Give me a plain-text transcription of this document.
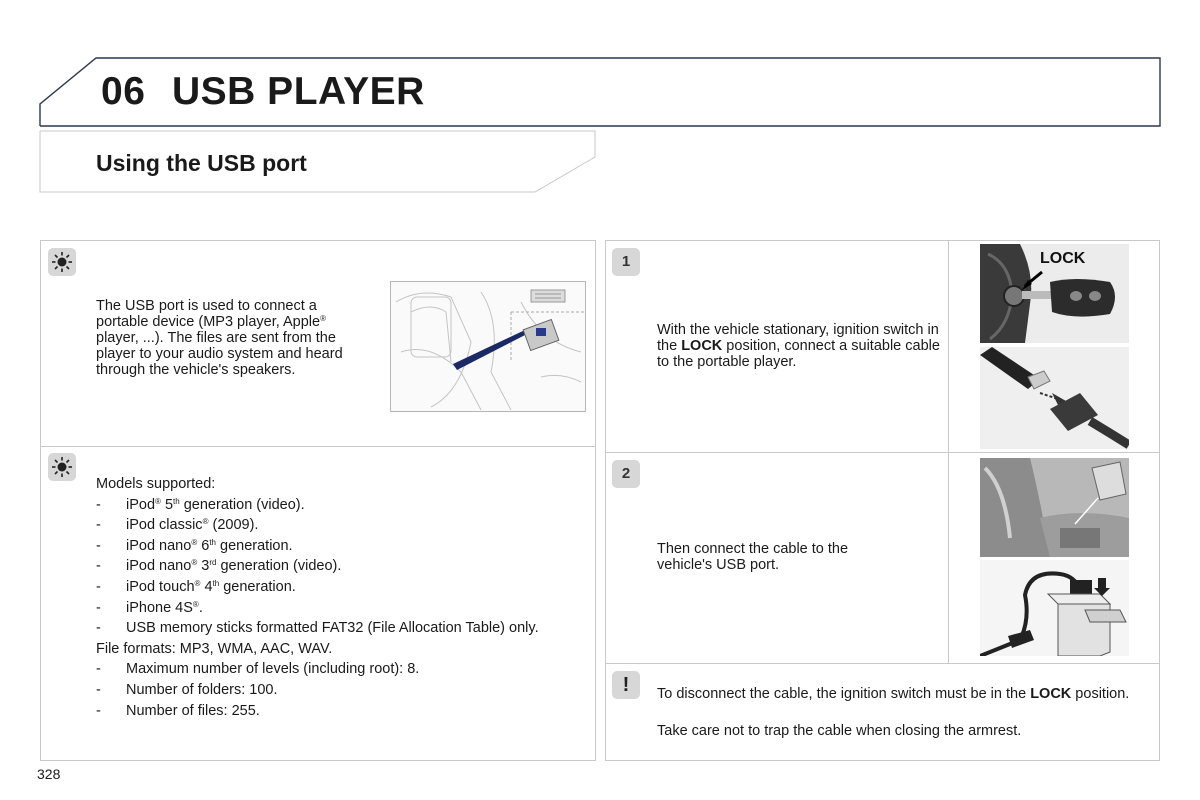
06 USB PLAYER
Using the USB port
The USB port is used to connect a portable device (MP3 player, Apple® player, ...). The files are sent from the player to your audio system and heard through the vehicle's speakers.
Models supported:
- iPod® 5th generation (video).
- iPod classic® (2009).
- iPod nano® 6th generation.
- iPod nano® 3rd generation (video).
- iPod touch® 4th generation.
- iPhone 4S®.
- USB memory sticks formatted FAT32 (File Allocation Table) only.
File formats: MP3, WMA, AAC, WAV.
- Maximum number of levels (including root): 8.
- Number of folders: 100.
- Number of files: 255.
1
With the vehicle stationary, ignition switch in the LOCK position, connect a suitable cable to the portable player.
LOCK
2
Then connect the cable to the vehicle's USB port.
!	To disconnect the cable, the ignition switch must be in the LOCK position.
Take care not to trap the cable when closing the armrest.
328
